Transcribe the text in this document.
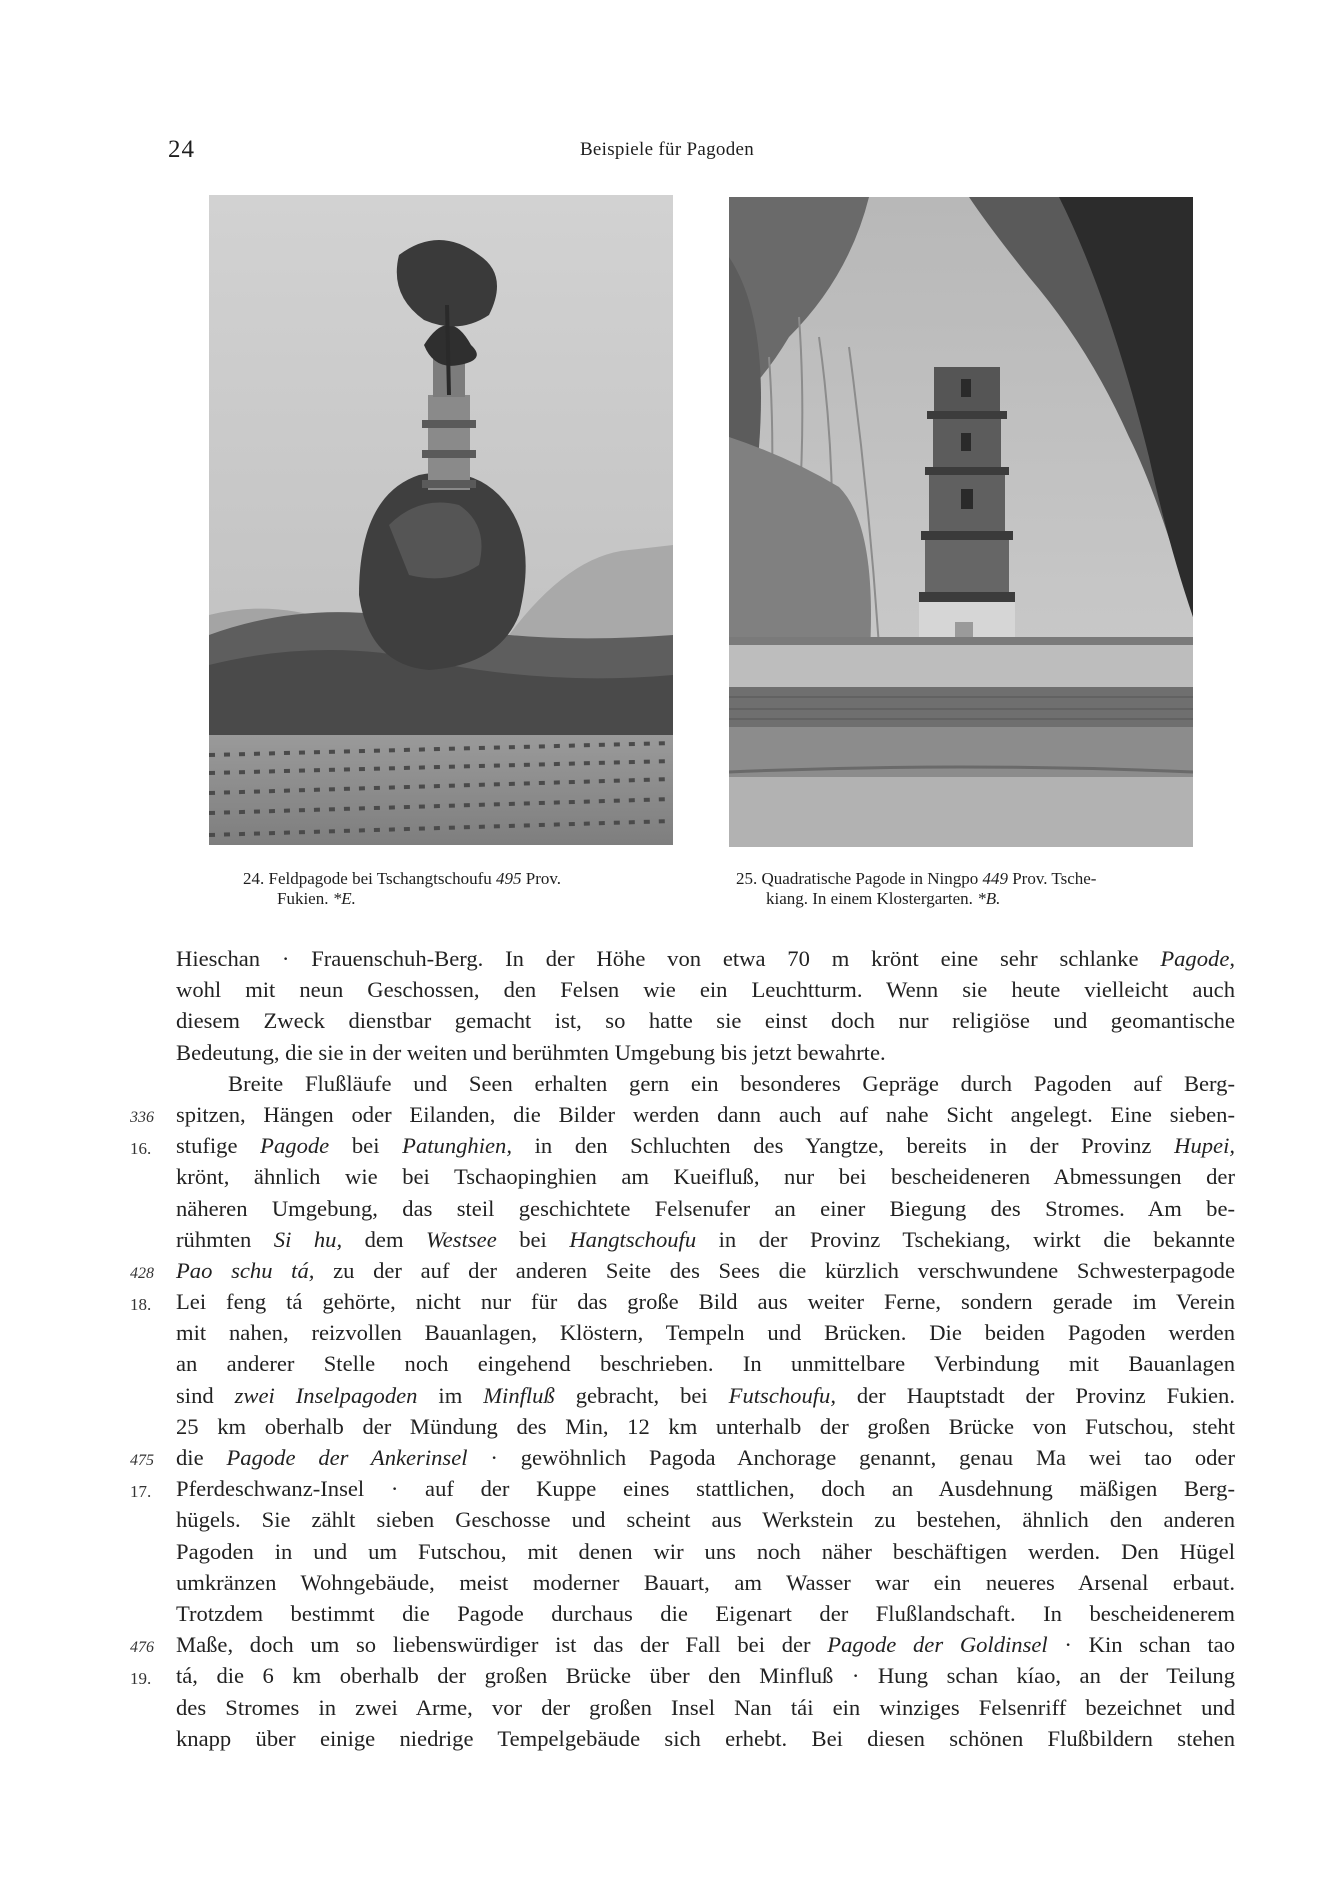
24	Beispiele für Pagoden
24. Feldpagode bei Tschangtschoufu 495 Prov.
Fukien. *E.
25. Quadratische Pagode in Ningpo 449 Prov. Tsche-
kiang. In einem Klostergarten. *B.
Hieschan · Frauenschuh-Berg. In der Höhe von etwa 70 m krönt eine sehr schlanke Pagode,
wohl mit neun Geschossen, den Felsen wie ein Leuchtturm. Wenn sie heute vielleicht auch
diesem Zweck dienstbar gemacht ist, so hatte sie einst doch nur religiöse und geomantische
Bedeutung, die sie in der weiten und berühmten Umgebung bis jetzt bewahrte.
Breite Flußläufe und Seen erhalten gern ein besonderes Gepräge durch Pagoden auf Berg-
336 spitzen, Hängen oder Eilanden, die Bilder werden dann auch auf nahe Sicht angelegt. Eine sieben-
16.	stufige Pagode bei Patunghien, in den Schluchten des Yangtze, bereits in der Provinz Hupei,
krönt, ähnlich wie bei Tschaopinghien am Kueifluß, nur bei bescheideneren Abmessungen der
näheren Umgebung, das steil geschichtete Felsenufer an einer Biegung des Stromes. Am be-
rühmten Si hu, dem Westsee bei Hangtschoufu in der Provinz Tschekiang, wirkt die bekannte
428 Pao schu tá, zu der auf der anderen Seite des Sees die kürzlich verschwundene Schwesterpagode
18.	Lei feng tá gehörte, nicht nur für das große Bild aus weiter Ferne, sondern gerade im Verein
mit nahen, reizvollen Bauanlagen, Klöstern, Tempeln und Brücken. Die beiden Pagoden werden
an anderer Stelle noch eingehend beschrieben. In unmittelbare Verbindung mit Bauanlagen
sind zwei Inselpagoden im Minfluß gebracht, bei Futschoufu, der Hauptstadt der Provinz Fukien.
25 km oberhalb der Mündung des Min, 12 km unterhalb der großen Brücke von Futschou, steht
475 die Pagode der Ankerinsel · gewöhnlich Pagoda Anchorage genannt, genau Ma wei tao oder
17.	Pferdeschwanz-Insel · auf der Kuppe eines stattlichen, doch an Ausdehnung mäßigen Berg-
hügels. Sie zählt sieben Geschosse und scheint aus Werkstein zu bestehen, ähnlich den anderen
Pagoden in und um Futschou, mit denen wir uns noch näher beschäftigen werden. Den Hügel
umkränzen Wohngebäude, meist moderner Bauart, am Wasser war ein neueres Arsenal erbaut.
Trotzdem bestimmt die Pagode durchaus die Eigenart der Flußlandschaft. In bescheidenerem
476 Maße, doch um so liebenswürdiger ist das der Fall bei der Pagode der Goldinsel · Kin schan tao
19.	tá, die 6 km oberhalb der großen Brücke über den Minfluß · Hung schan kíao, an der Teilung
des Stromes in zwei Arme, vor der großen Insel Nan tái ein winziges Felsenriff bezeichnet und
knapp über einige niedrige Tempelgebäude sich erhebt. Bei diesen schönen Flußbildern stehen
